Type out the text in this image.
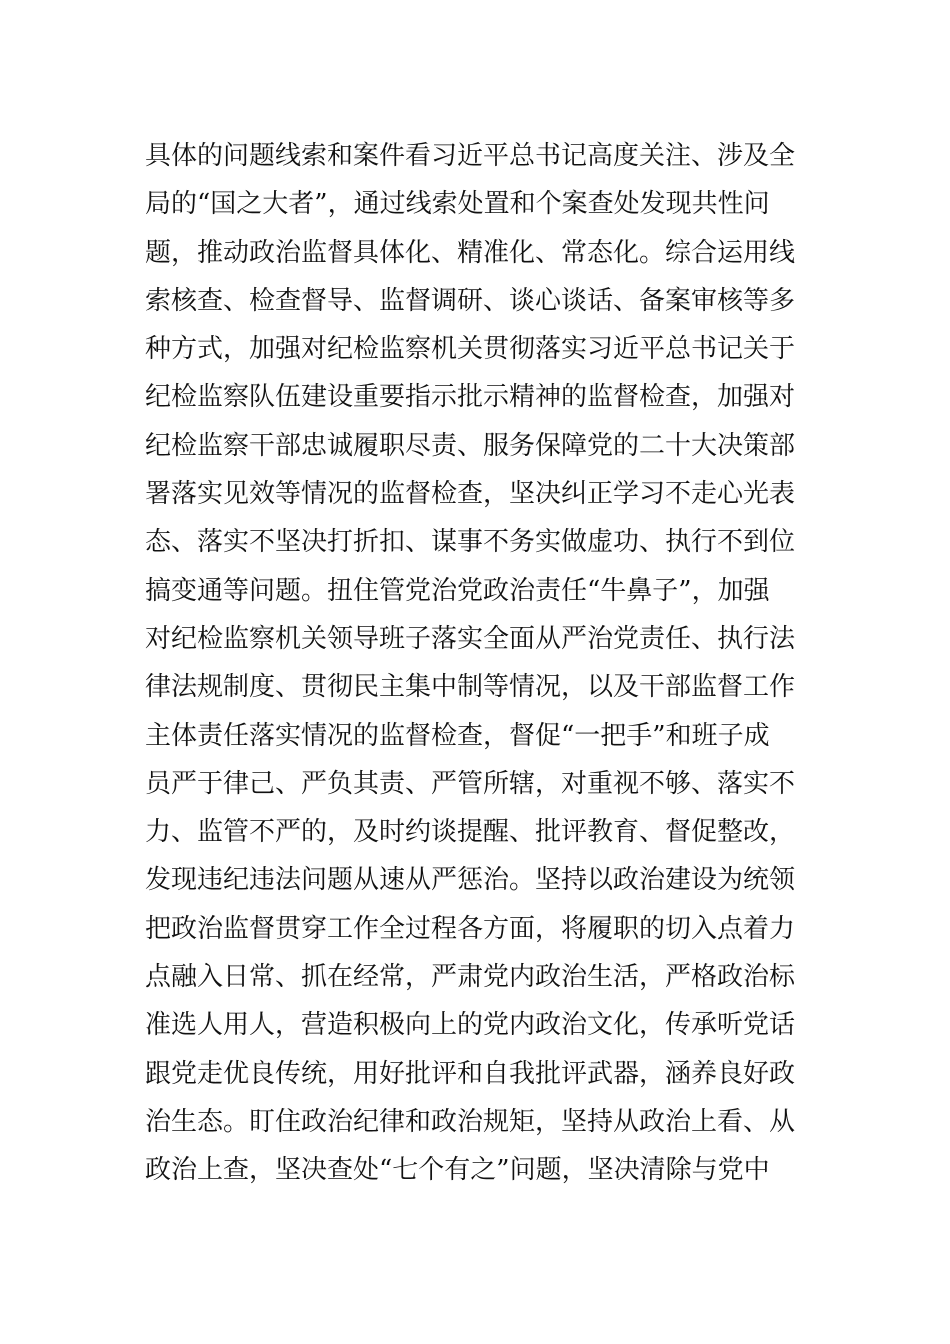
具体的问题线索和案件看习近平总书记高度关注、涉及全
局的“国之大者”，通过线索处置和个案查处发现共性问
题，推动政治监督具体化、精准化、常态化。综合运用线
索核查、检查督导、监督调研、谈心谈话、备案审核等多
种方式，加强对纪检监察机关贯彻落实习近平总书记关于
纪检监察队伍建设重要指示批示精神的监督检查，加强对
纪检监察干部忠诚履职尽责、服务保障党的二十大决策部
署落实见效等情况的监督检查，坚决纠正学习不走心光表
态、落实不坚决打折扣、谋事不务实做虚功、执行不到位
搞变通等问题。扭住管党治党政治责任“牛鼻子”，加强
对纪检监察机关领导班子落实全面从严治党责任、执行法
律法规制度、贯彻民主集中制等情况，以及干部监督工作
主体责任落实情况的监督检查，督促“一把手”和班子成
员严于律己、严负其责、严管所辖，对重视不够、落实不
力、监管不严的，及时约谈提醒、批评教育、督促整改，
发现违纪违法问题从速从严惩治。坚持以政治建设为统领
把政治监督贯穿工作全过程各方面，将履职的切入点着力
点融入日常、抓在经常，严肃党内政治生活，严格政治标
准选人用人，营造积极向上的党内政治文化，传承听党话
跟党走优良传统，用好批评和自我批评武器，涵养良好政
治生态。盯住政治纪律和政治规矩，坚持从政治上看、从
政治上查，坚决查处“七个有之”问题，坚决清除与党中
